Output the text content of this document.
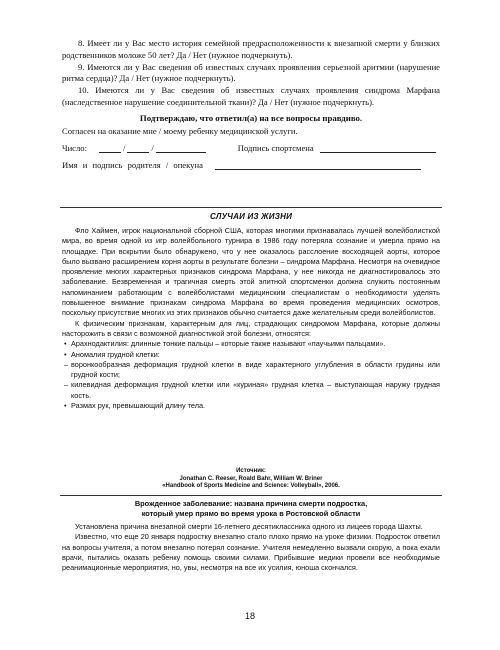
8. Имеет ли у Вас место история семейной предрасположенности к внезапной смерти у близких родственников моложе 50 лет? Да / Нет (нужное подчеркнуть).

9. Имеются ли у Вас сведения об известных случаях проявления серьезной аритмии (нарушение ритма сердца)? Да / Нет (нужное подчеркнуть).

10. Имеются ли у Вас сведения об известных случаях проявления синдрома Марфана (наследственное нарушение соединительной ткани)? Да / Нет (нужное подчеркнуть).

Подтверждаю, что ответил(а) на все вопросы правдиво.
Согласен на оказание мне / моему ребенку медицинской услуги.
Число:	/	/	Подпись спортсмена
Имя и подпись родителя / опекуна
СЛУЧАИ ИЗ ЖИЗНИ

Фло Хаймен, игрок национальной сборной США, которая многими признавалась лучшей волейболисткой мира, во время одной из игр волейбольного турнира в 1986 году потеряла сознание и умерла прямо на площадке. При вскрытии было обнаружено, что у нее оказалось расслоение восходящей аорты, которое было вызвано расширением корня аорты в результате болезни – синдрома Марфана. Несмотря на очевидное проявление многих характерных признаков синдрома Марфана, у нее никогда не диагностировалось это заболевание. Безвременная и трагичная смерть этой элитной спортсменки должна служить постоянным напоминанием работающим с волейболистами медицинским специалистам о необходимости уделять повышенное внимание признакам синдрома Марфана во время проведения медицинских осмотров, поскольку присутствие многих из этих признаков обычно считается даже желательным среди волейболистов.

К физическим признакам, характерным для лиц, страдающих синдромом Марфана, которые должны насторожить в связи с возможной диагностикой этой болезни, относятся:

• Арахнодактилия: длинные тонкие пальцы – которые также называют «паучьими пальцами».
• Аномалия грудной клетки:
– воронкообразная деформация грудной клетки в виде характерного углубления в области грудины или грудной кости;
– килевидная деформация грудной клетки или «куриная» грудная клетка – выступающая наружу грудная кость.
• Размах рук, превышающий длину тела.
Источник:
Jonathan C. Reeser, Roald Bahr, William W. Briner
«Handbook of Sports Medicine and Science: Volleyball», 2006.
Врожденное заболевание: названа причина смерти подростка,
который умер прямо во время урока в Ростовской области

Установлена причина внезапной смерти 16-летнего десятиклассника одного из лицеев города Шахты.

Известно, что еще 20 января подростку внезапно стало плохо прямо на уроке физики. Подросток ответил на вопросы учителя, а потом внезапно потерял сознание. Учителя немедленно вызвали скорую, а пока ехали врачи, пытались оказать ребенку помощь своими силами. Прибывшие медики провели все необходимые реанимационные мероприятия, но, увы, несмотря на все их усилия, юноша скончался.

18
